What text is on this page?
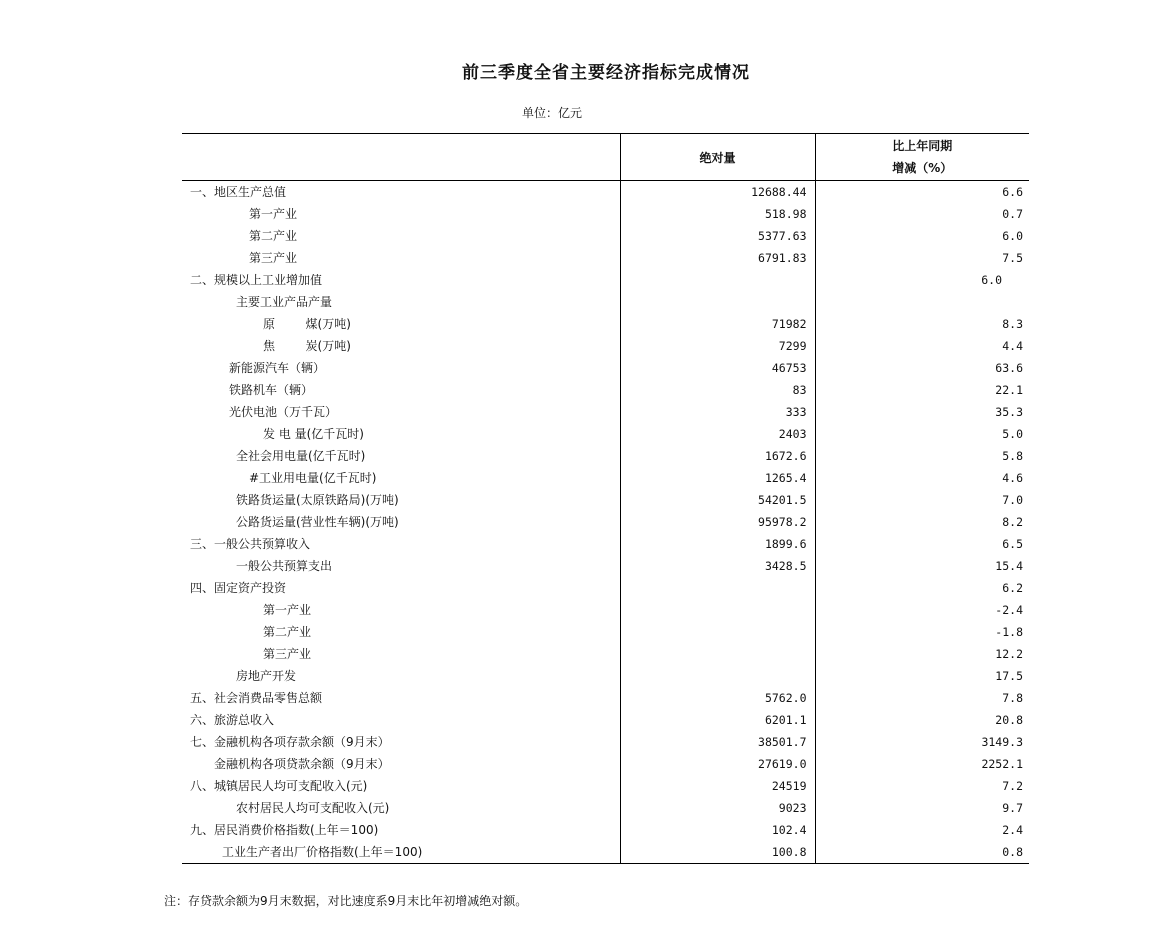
前三季度全省主要经济指标完成情况
单位：亿元
	绝对量	比上年同期
增减（%）

一、地区生产总值	12688.44	6.6
第一产业	518.98	0.7
第二产业	5377.63	6.0
第三产业	6791.83	7.5
二、规模以上工业增加值		6.0
主要工业产品产量		
原        煤(万吨)	71982	8.3
焦        炭(万吨)	7299	4.4
新能源汽车（辆）	46753	63.6
铁路机车（辆）	83	22.1
光伏电池（万千瓦）	333	35.3
发 电 量(亿千瓦时)	2403	5.0
全社会用电量(亿千瓦时)	1672.6	5.8
#工业用电量(亿千瓦时)	1265.4	4.6
铁路货运量(太原铁路局)(万吨)	54201.5	7.0
公路货运量(营业性车辆)(万吨)	95978.2	8.2
三、一般公共预算收入	1899.6	6.5
一般公共预算支出	3428.5	15.4
四、固定资产投资		6.2
第一产业		-2.4
第二产业		-1.8
第三产业		12.2
房地产开发		17.5
五、社会消费品零售总额	5762.0	7.8
六、旅游总收入	6201.1	20.8
七、金融机构各项存款余额（9月末）	38501.7	3149.3
金融机构各项贷款余额（9月末）	27619.0	2252.1
八、城镇居民人均可支配收入(元)	24519	7.2
农村居民人均可支配收入(元)	9023	9.7
九、居民消费价格指数(上年＝100)	102.4	2.4
工业生产者出厂价格指数(上年＝100)	100.8	0.8
注：存贷款余额为9月末数据，对比速度系9月末比年初增减绝对额。
